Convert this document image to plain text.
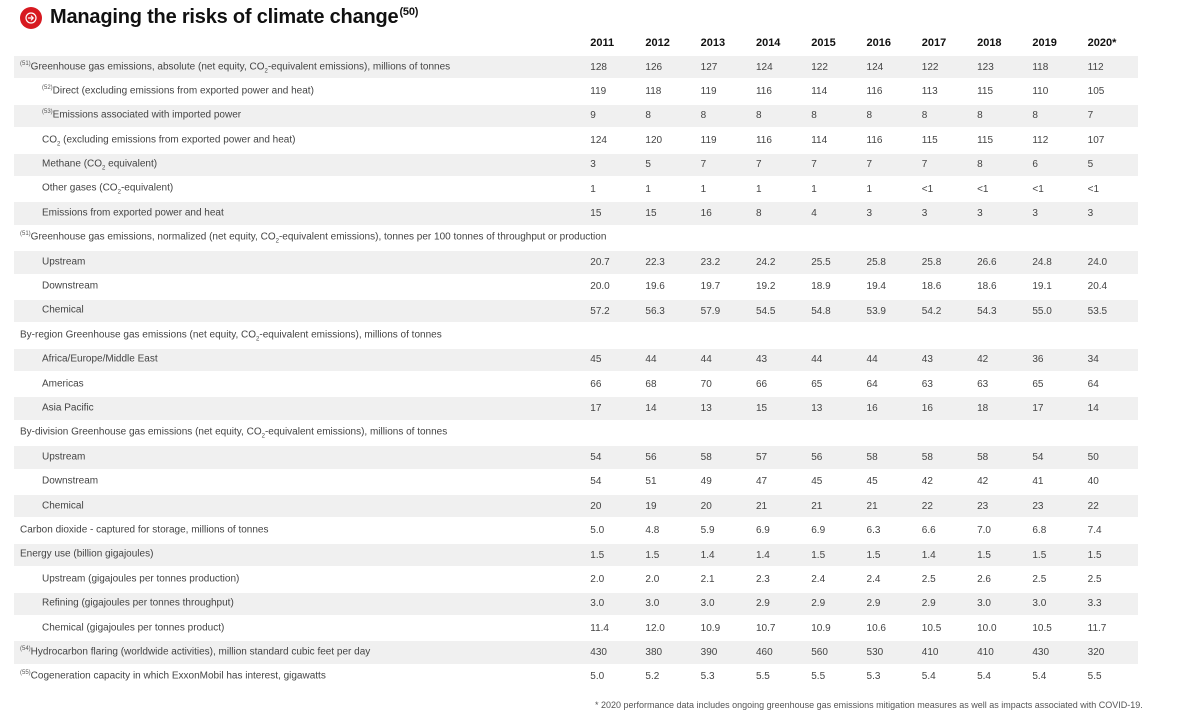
Managing the risks of climate change$^{(50)}$
	2011	2012	2013	2014	2015	2016	2017	2018	2019	2020*
$^{(51)}$Greenhouse gas emissions, absolute (net equity, $CO_2$-equivalent emissions), millions of tonnes	128	126	127	124	122	124	122	123	118	112
$^{(52)}$Direct (excluding emissions from exported power and heat)	119	118	119	116	114	116	113	115	110	105
$^{(53)}$Emissions associated with imported power	9	8	8	8	8	8	8	8	8	7
$CO_2$ (excluding emissions from exported power and heat)	124	120	119	116	114	116	115	115	112	107
Methane ($CO_2$ equivalent)	3	5	7	7	7	7	7	8	6	5
Other gases $(CO_2-equivalent)$	1	1	1	1	1	1	<1	<1	<1	<1
Emissions from exported power and heat	15	15	16	8	4	3	3	3	3	3
$^{(51)}$Greenhouse gas emissions, normalized (net equity, $CO_2$-equivalent emissions), tonnes per 100 tonnes of throughput or production										
Upstream	20.7	22.3	23.2	24.2	25.5	25.8	25.8	26.6	24.8	24.0
Downstream	20.0	19.6	19.7	19.2	18.9	19.4	18.6	18.6	19.1	20.4
Chemical	57.2	56.3	57.9	54.5	54.8	53.9	54.2	54.3	55.0	53.5
By-region Greenhouse gas emissions (net equity, $CO_2$-equivalent emissions), millions of tonnes										
Africa/Europe/Middle East	45	44	44	43	44	44	43	42	36	34
Americas	66	68	70	66	65	64	63	63	65	64
Asia Pacific	17	14	13	15	13	16	16	18	17	14
By-division Greenhouse gas emissions (net equity, $CO_2$-equivalent emissions), millions of tonnes										
Upstream	54	56	58	57	56	58	58	58	54	50
Downstream	54	51	49	47	45	45	42	42	41	40
Chemical	20	19	20	21	21	21	22	23	23	22
Carbon dioxide - captured for storage, millions of tonnes	5.0	4.8	5.9	6.9	6.9	6.3	6.6	7.0	6.8	7.4
Energy use (billion gigajoules)	1.5	1.5	1.4	1.4	1.5	1.5	1.4	1.5	1.5	1.5
Upstream (gigajoules per tonnes production)	2.0	2.0	2.1	2.3	2.4	2.4	2.5	2.6	2.5	2.5
Refining (gigajoules per tonnes throughput)	3.0	3.0	3.0	2.9	2.9	2.9	2.9	3.0	3.0	3.3
Chemical (gigajoules per tonnes product)	11.4	12.0	10.9	10.7	10.9	10.6	10.5	10.0	10.5	11.7
$^{(54)}$Hydrocarbon flaring (worldwide activities), million standard cubic feet per day	430	380	390	460	560	530	410	410	430	320
$^{(55)}$Cogeneration capacity in which ExxonMobil has interest, gigawatts	5.0	5.2	5.3	5.5	5.5	5.3	5.4	5.4	5.4	5.5
* 2020 performance data includes ongoing greenhouse gas emissions mitigation measures as well as impacts associated with COVID-19.
